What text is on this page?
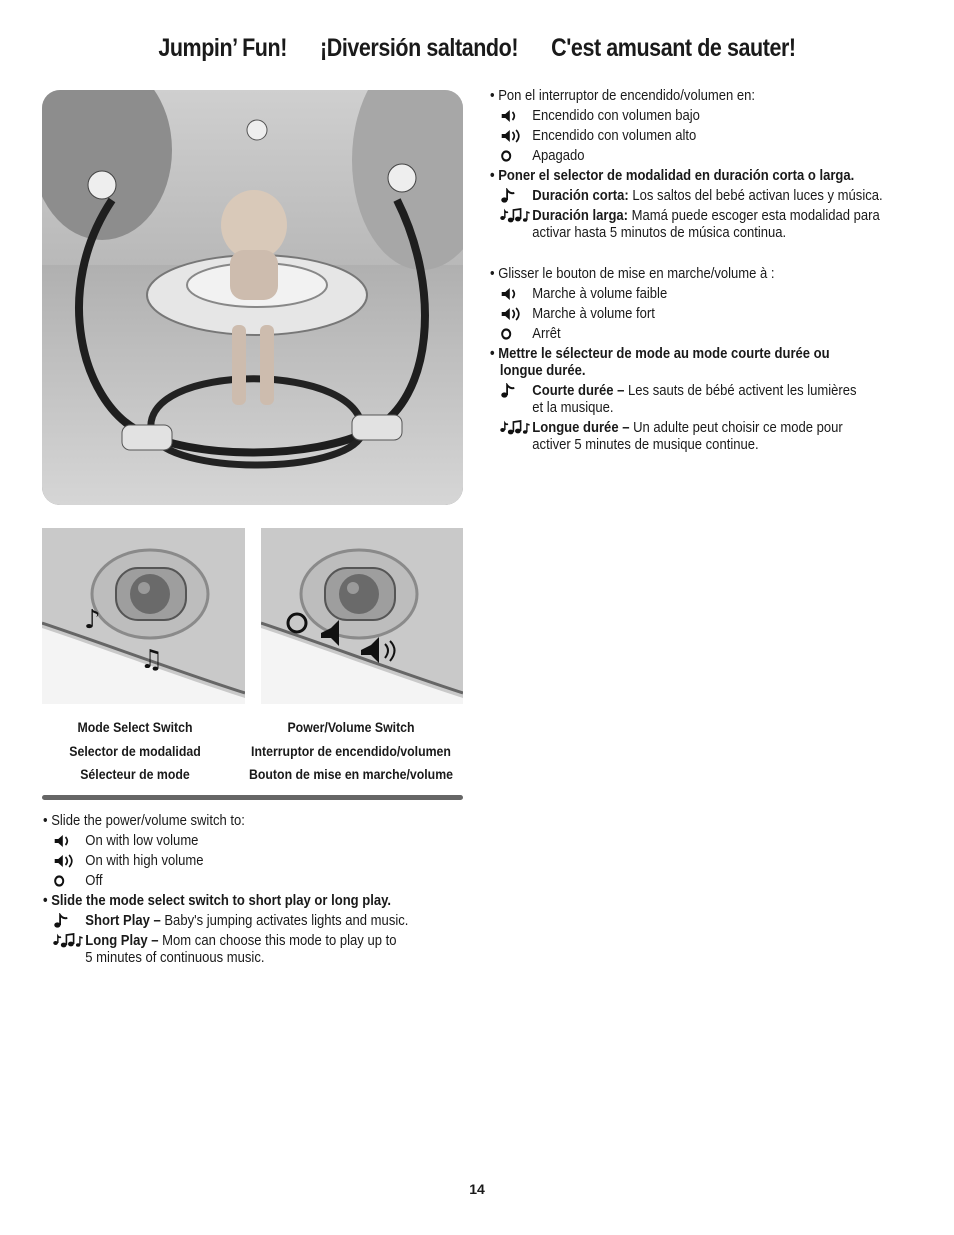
Jumpin’ Fun! ¡Diversión saltando! C'est amusant de sauter!
♪
♫
Mode Select Switch
Selector de modalidad
Sélecteur de mode
Power/Volume Switch
Interruptor de encendido/volumen
Bouton de mise en marche/volume
• Pon el interruptor de encendido/volumen en:
Encendido con volumen bajo
Encendido con volumen alto
Apagado
• Poner el selector de modalidad en duración corta o larga.
Duración corta: Los saltos del bebé activan luces y música.
Duración larga: Mamá puede escoger esta modalidad para
activar hasta 5 minutos de música continua.
• Glisser le bouton de mise en marche/volume à :
Marche à volume faible
Marche à volume fort
Arrêt
• Mettre le sélecteur de mode au mode courte durée ou
longue durée.
Courte durée – Les sauts de bébé activent les lumières
et la musique.
Longue durée – Un adulte peut choisir ce mode pour
activer 5 minutes de musique continue.
• Slide the power/volume switch to:
On with low volume
On with high volume
Off
• Slide the mode select switch to short play or long play.
Short Play – Baby's jumping activates lights and music.
Long Play – Mom can choose this mode to play up to
5 minutes of continuous music.
14
